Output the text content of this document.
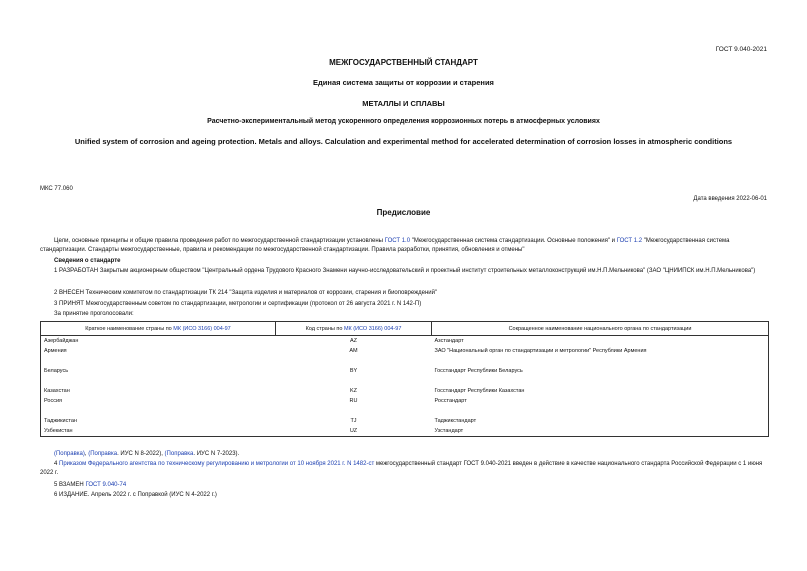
ГОСТ 9.040-2021
МЕЖГОСУДАРСТВЕННЫЙ СТАНДАРТ
Единая система защиты от коррозии и старения
МЕТАЛЛЫ И СПЛАВЫ
Расчетно-экспериментальный метод ускоренного определения коррозионных потерь в атмосферных условиях
Unified system of corrosion and ageing protection. Metals and alloys. Calculation and experimental method for accelerated determination of corrosion losses in atmospheric conditions
МКС 77.060
Дата введения 2022-06-01
Предисловие
Цели, основные принципы и общие правила проведения работ по межгосударственной стандартизации установлены ГОСТ 1.0 "Межгосударственная система стандартизации. Основные положения" и ГОСТ 1.2 "Межгосударственная система стандартизации. Стандарты межгосударственные, правила и рекомендации по межгосударственной стандартизации. Правила разработки, принятия, обновления и отмены"
Сведения о стандарте
1 РАЗРАБОТАН Закрытым акционерным обществом "Центральный ордена Трудового Красного Знамени научно-исследовательский и проектный институт строительных металлоконструкций им.Н.П.Мельникова" (ЗАО "ЦНИИПСК им.Н.П.Мельникова")
2 ВНЕСЕН Техническим комитетом по стандартизации ТК 214 "Защита изделия и материалов от коррозии, старения и биоповреждений"
3 ПРИНЯТ Межгосударственным советом по стандартизации, метрологии и сертификации (протокол от 26 августа 2021 г. N 142-П)
За принятие проголосовали:
Краткое наименование страны по МК (ИСО 3166) 004-97	Код страны по МК (ИСО 3166) 004-97	Сокращенное наименование национального органа по стандартизации
Азербайджан	AZ	Азстандарт
Армения	AM	ЗАО "Национальный орган по стандартизации и метрологии" Республики Армения

Беларусь	BY	Госстандарт Республики Беларусь

Казахстан	KZ	Госстандарт Республики Казахстан
Россия	RU	Росстандарт

Таджикистан	TJ	Таджикстандарт
Узбекистан	UZ	Узстандарт
(Поправка), (Поправка. ИУС N 8-2022), (Поправка. ИУС N 7-2023).
4 Приказом Федерального агентства по техническому регулированию и метрологии от 10 ноября 2021 г. N 1482-ст межгосударственный стандарт ГОСТ 9.040-2021 введен в действие в качестве национального стандарта Российской Федерации с 1 июня 2022 г.
5 ВЗАМЕН ГОСТ 9.040-74
6 ИЗДАНИЕ. Апрель 2022 г. с Поправкой (ИУС N 4-2022 г.)
